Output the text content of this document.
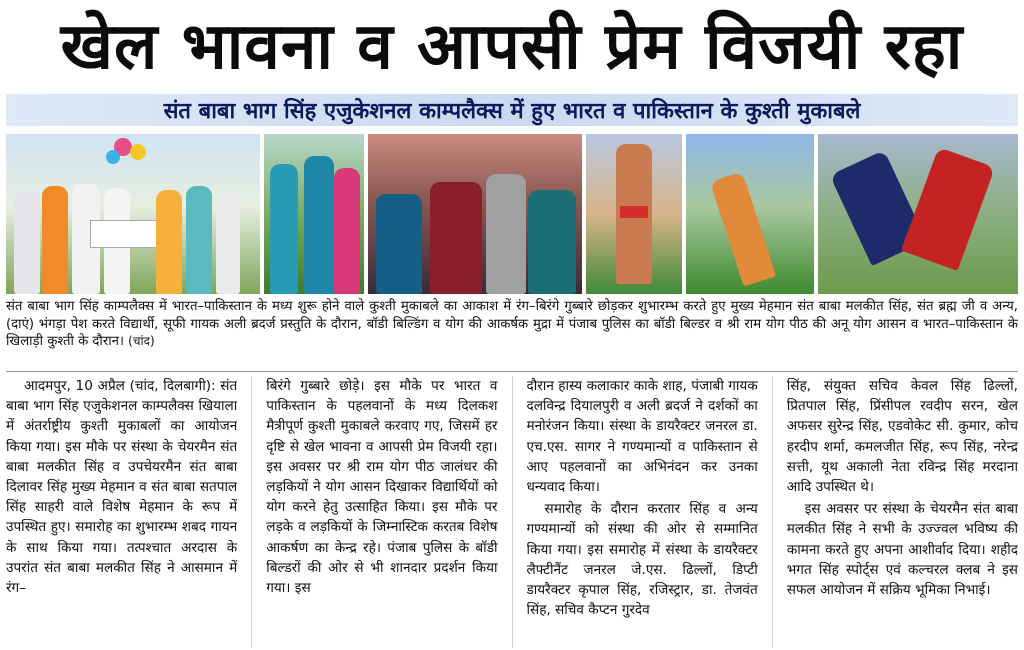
खेल भावना व आपसी प्रेम विजयी रहा
संत बाबा भाग सिंह एजुकेशनल काम्पलैक्स में हुए भारत व पाकिस्तान के कुश्ती मुकाबले
संत बाबा भाग सिंह काम्पलैक्स में भारत–पाकिस्तान के मध्य शुरू होने वाले कुश्ती मुकाबले का आकाश में रंग–बिरंगे गुब्बारे छोड़कर शुभारम्भ करते हुए मुख्य मेहमान संत बाबा मलकीत सिंह, संत ब्रह्म जी व अन्य, (दाएं) भंगड़ा पेश करते विद्यार्थी, सूफी गायक अली ब्रदर्ज प्रस्तुति के दौरान, बॉडी बिल्डिंग व योग की आकर्षक मुद्रा में पंजाब पुलिस का बॉडी बिल्डर व श्री राम योग पीठ की अनू योग आसन व भारत–पाकिस्तान के खिलाड़ी कुश्ती के दौरान। (चांद)

आदमपुर, 10 अप्रैल (चांद, दिलबागी): संत बाबा भाग सिंह एजुकेशनल काम्पलैक्स खियाला में अंतर्राष्ट्रीय कुश्ती मुकाबलों का आयोजन किया गया। इस मौके पर संस्था के चेयरमैन संत बाबा मलकीत सिंह व उपचेयरमैन संत बाबा दिलावर सिंह मुख्य मेहमान व संत बाबा सतपाल सिंह साहरी वाले विशेष मेहमान के रूप में उपस्थित हुए। समारोह का शुभारम्भ शबद गायन के साथ किया गया। तत्पश्चात अरदास के उपरांत संत बाबा मलकीत सिंह ने आसमान में रंग–

बिरंगे गुब्बारे छोड़े। इस मौके पर भारत व पाकिस्तान के पहलवानों के मध्य दिलकश मैत्रीपूर्ण कुश्ती मुकाबले करवाए गए, जिसमें हर दृष्टि से खेल भावना व आपसी प्रेम विजयी रहा। इस अवसर पर श्री राम योग पीठ जालंधर की लड़कियों ने योग आसन दिखाकर विद्यार्थियों को योग करने हेतु उत्साहित किया। इस मौके पर लड़के व लड़कियों के जिम्नास्टिक करतब विशेष आकर्षण का केन्द्र रहे। पंजाब पुलिस के बॉडी बिल्डरों की ओर से भी शानदार प्रदर्शन किया गया। इस

दौरान हास्य कलाकार काके शाह, पंजाबी गायक दलविन्द्र दियालपुरी व अली ब्रदर्ज ने दर्शकों का मनोरंजन किया। संस्था के डायरैक्टर जनरल डा. एच.एस. सागर ने गण्यमान्यों व पाकिस्तान से आए पहलवानों का अभिनंदन कर उनका धन्यवाद किया।

समारोह के दौरान करतार सिंह व अन्य गण्यमान्यों को संस्था की ओर से सम्मानित किया गया। इस समारोह में संस्था के डायरैक्टर लैफ्टीनैंट जनरल जे.एस. ढिल्लों, डिप्टी डायरैक्टर कृपाल सिंह, रजिस्ट्रार, डा. तेजवंत सिंह, सचिव कैप्टन गुरदेव

सिंह, संयुक्त सचिव केवल सिंह ढिल्लों, प्रितपाल सिंह, प्रिंसीपल रवदीप सरन, खेल अफसर सुरेन्द्र सिंह, एडवोकेट सी. कुमार, कोच हरदीप शर्मा, कमलजीत सिंह, रूप सिंह, नरेन्द्र सत्ती, यूथ अकाली नेता रविन्द्र सिंह मरदाना आदि उपस्थित थे।

इस अवसर पर संस्था के चेयरमैन संत बाबा मलकीत सिंह ने सभी के उज्ज्वल भविष्य की कामना करते हुए अपना आशीर्वाद दिया। शहीद भगत सिंह स्पोर्ट्स एवं कल्चरल क्लब ने इस सफल आयोजन में सक्रिय भूमिका निभाई।
